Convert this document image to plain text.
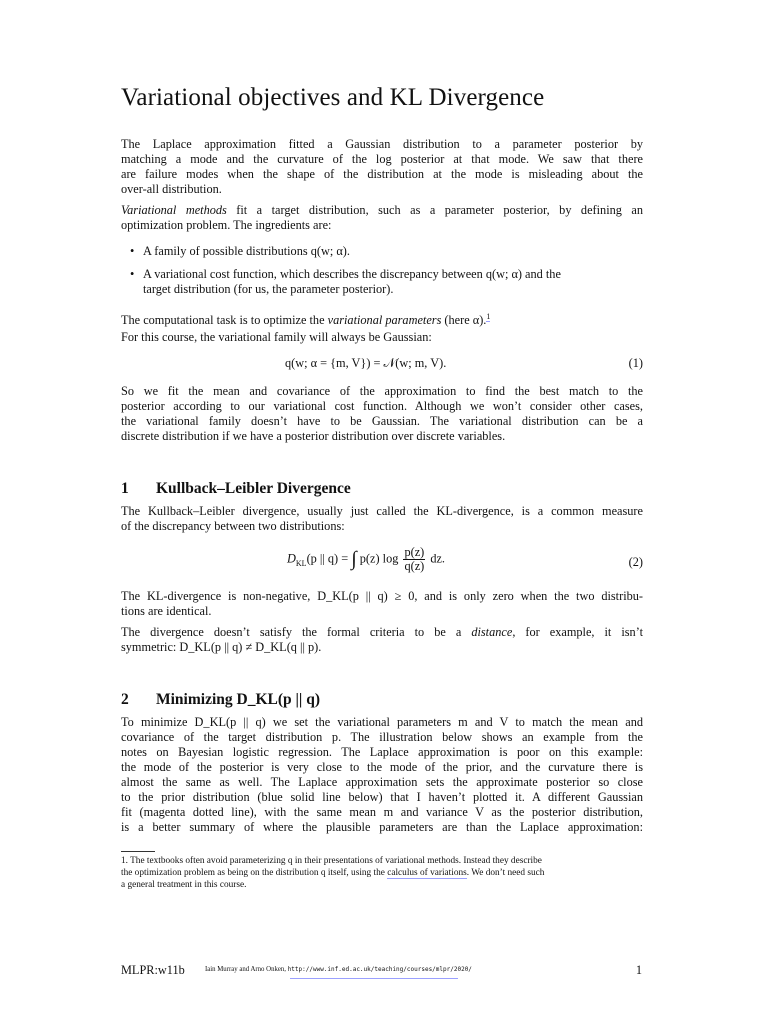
Variational objectives and KL Divergence
The Laplace approximation fitted a Gaussian distribution to a parameter posterior by
matching a mode and the curvature of the log posterior at that mode. We saw that there
are failure modes when the shape of the distribution at the mode is misleading about the
over-all distribution.
Variational methods fit a target distribution, such as a parameter posterior, by defining an
optimization problem. The ingredients are:
• A family of possible distributions q(w; α).
• A variational cost function, which describes the discrepancy between q(w; α) and the
target distribution (for us, the parameter posterior).
The computational task is to optimize the variational parameters (here α).$^1$
For this course, the variational family will always be Gaussian:
q(w; α = {m, V}) = 𝒩(w; m, V).	(1)
So we fit the mean and covariance of the approximation to find the best match to the
posterior according to our variational cost function. Although we won’t consider other cases,
the variational family doesn’t have to be Gaussian. The variational distribution can be a
discrete distribution if we have a posterior distribution over discrete variables.
1 Kullback–Leibler Divergence
The Kullback–Leibler divergence, usually just called the KL-divergence, is a common measure
of the discrepancy between two distributions:
$D_{KL}(p$ || q) = ∫ p(z) $\log \frac{p(z)}{q(z)}$ dz.	(2)
The KL-divergence is non-negative, D_KL(p || q) ≥ 0, and is only zero when the two distribu-
tions are identical.
The divergence doesn’t satisfy the formal criteria to be a distance, for example, it isn’t
symmetric: D_KL(p || q) ≠ D_KL(q || p).
2 Minimizing D_KL(p || q)
To minimize D_KL(p || q) we set the variational parameters m and V to match the mean and
covariance of the target distribution p. The illustration below shows an example from the
notes on Bayesian logistic regression. The Laplace approximation is poor on this example:
the mode of the posterior is very close to the mode of the prior, and the curvature there is
almost the same as well. The Laplace approximation sets the approximate posterior so close
to the prior distribution (blue solid line below) that I haven’t plotted it. A different Gaussian
fit (magenta dotted line), with the same mean m and variance V as the posterior distribution,
is a better summary of where the plausible parameters are than the Laplace approximation:
1. The textbooks often avoid parameterizing q in their presentations of variational methods. Instead they describe
the optimization problem as being on the distribution q itself, using the calculus of variations. We don’t need such
a general treatment in this course.
MLPR:w11b	Iain Murray and Arno Onken, http://www.inf.ed.ac.uk/teaching/courses/mlpr/2020/	1
